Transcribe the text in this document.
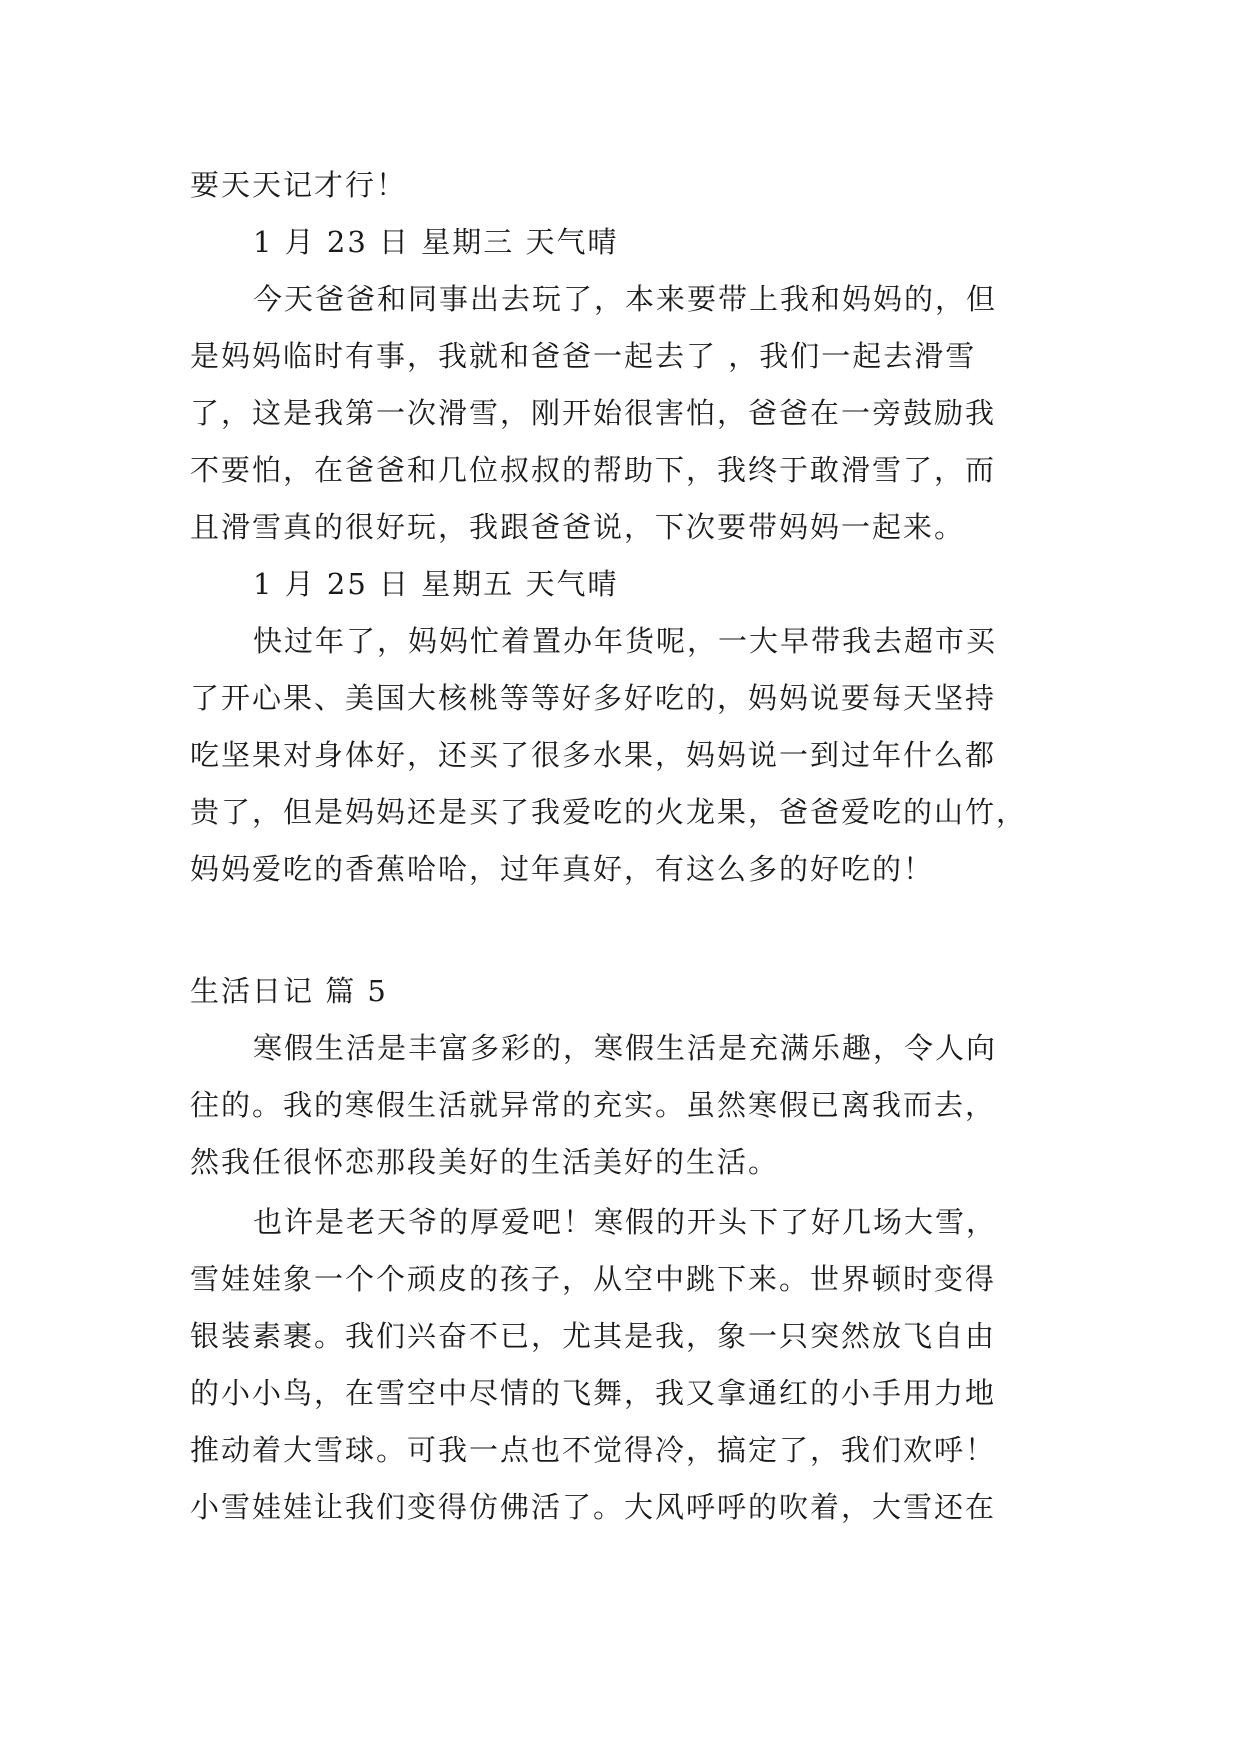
要天天记才行！
1 月 23 日 星期三 天气晴
今天爸爸和同事出去玩了，本来要带上我和妈妈的，但
是妈妈临时有事，我就和爸爸一起去了 ，我们一起去滑雪
了，这是我第一次滑雪，刚开始很害怕，爸爸在一旁鼓励我
不要怕，在爸爸和几位叔叔的帮助下，我终于敢滑雪了，而
且滑雪真的很好玩，我跟爸爸说，下次要带妈妈一起来。
1 月 25 日 星期五 天气晴
快过年了，妈妈忙着置办年货呢，一大早带我去超市买
了开心果、美国大核桃等等好多好吃的，妈妈说要每天坚持
吃坚果对身体好，还买了很多水果，妈妈说一到过年什么都
贵了，但是妈妈还是买了我爱吃的火龙果，爸爸爱吃的山竹，
妈妈爱吃的香蕉哈哈，过年真好，有这么多的好吃的！
生活日记 篇 5
寒假生活是丰富多彩的，寒假生活是充满乐趣，令人向
往的。我的寒假生活就异常的充实。虽然寒假已离我而去，
然我任很怀恋那段美好的生活美好的生活。
也许是老天爷的厚爱吧！寒假的开头下了好几场大雪，
雪娃娃象一个个顽皮的孩子，从空中跳下来。世界顿时变得
银装素裹。我们兴奋不已，尤其是我，象一只突然放飞自由
的小小鸟，在雪空中尽情的飞舞，我又拿通红的小手用力地
推动着大雪球。可我一点也不觉得冷，搞定了，我们欢呼！
小雪娃娃让我们变得仿佛活了。大风呼呼的吹着，大雪还在
